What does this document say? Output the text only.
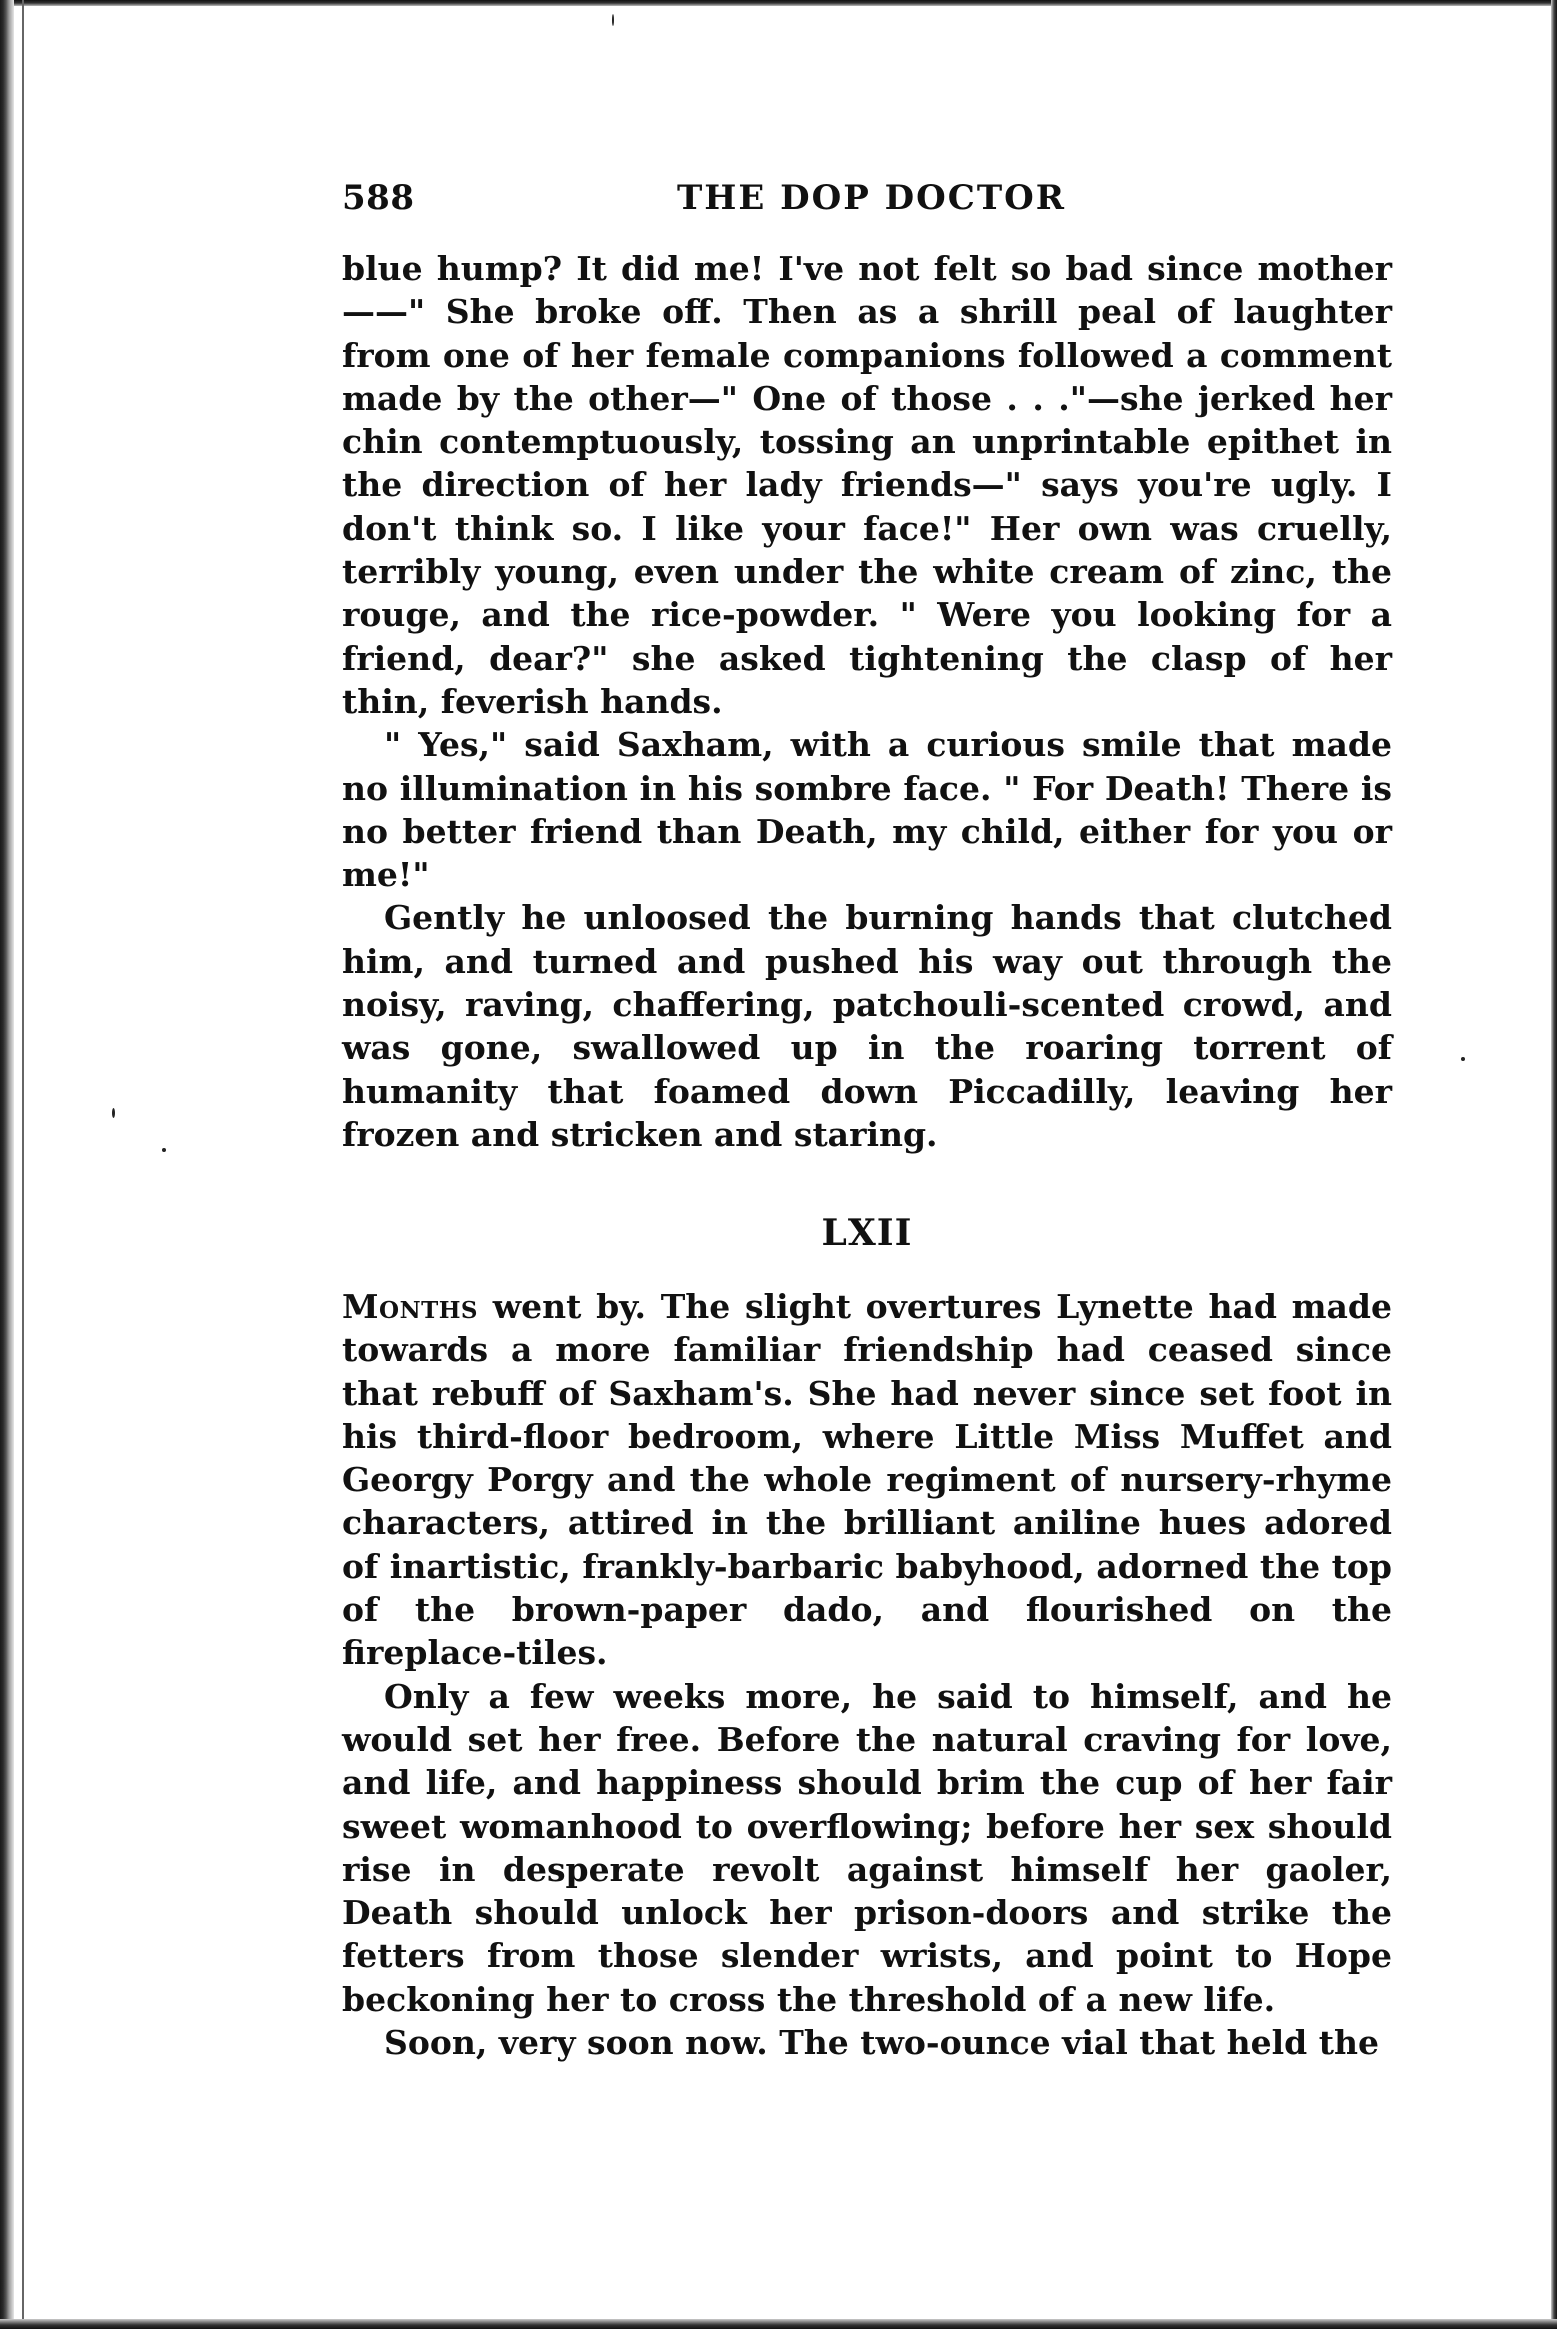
588	THE DOP DOCTOR

blue hump? It did me! I've not felt so bad since mother——" She broke off. Then as a shrill peal of laughter from one of her female companions followed a comment made by the other—" One of those . . ."—she jerked her chin contemptuously, tossing an unprintable epithet in the direction of her lady friends—" says you're ugly. I don't think so. I like your face!" Her own was cruelly, terribly young, even under the white cream of zinc, the rouge, and the rice-powder. " Were you looking for a friend, dear?" she asked tightening the clasp of her thin, feverish hands.

" Yes," said Saxham, with a curious smile that made no illumination in his sombre face. " For Death! There is no better friend than Death, my child, either for you or me!"

Gently he unloosed the burning hands that clutched him, and turned and pushed his way out through the noisy, raving, chaffering, patchouli-scented crowd, and was gone, swallowed up in the roaring torrent of humanity that foamed down Piccadilly, leaving her frozen and stricken and staring.

LXII

Months went by. The slight overtures Lynette had made towards a more familiar friendship had ceased since that rebuff of Saxham's. She had never since set foot in his third-floor bedroom, where Little Miss Muffet and Georgy Porgy and the whole regiment of nursery-rhyme characters, attired in the brilliant aniline hues adored of inartistic, frankly-barbaric babyhood, adorned the top of the brown-paper dado, and flourished on the fireplace-tiles.

Only a few weeks more, he said to himself, and he would set her free. Before the natural craving for love, and life, and happiness should brim the cup of her fair sweet womanhood to overflowing; before her sex should rise in desperate revolt against himself her gaoler, Death should unlock her prison-doors and strike the fetters from those slender wrists, and point to Hope beckoning her to cross the threshold of a new life.

Soon, very soon now. The two-ounce vial that held the
